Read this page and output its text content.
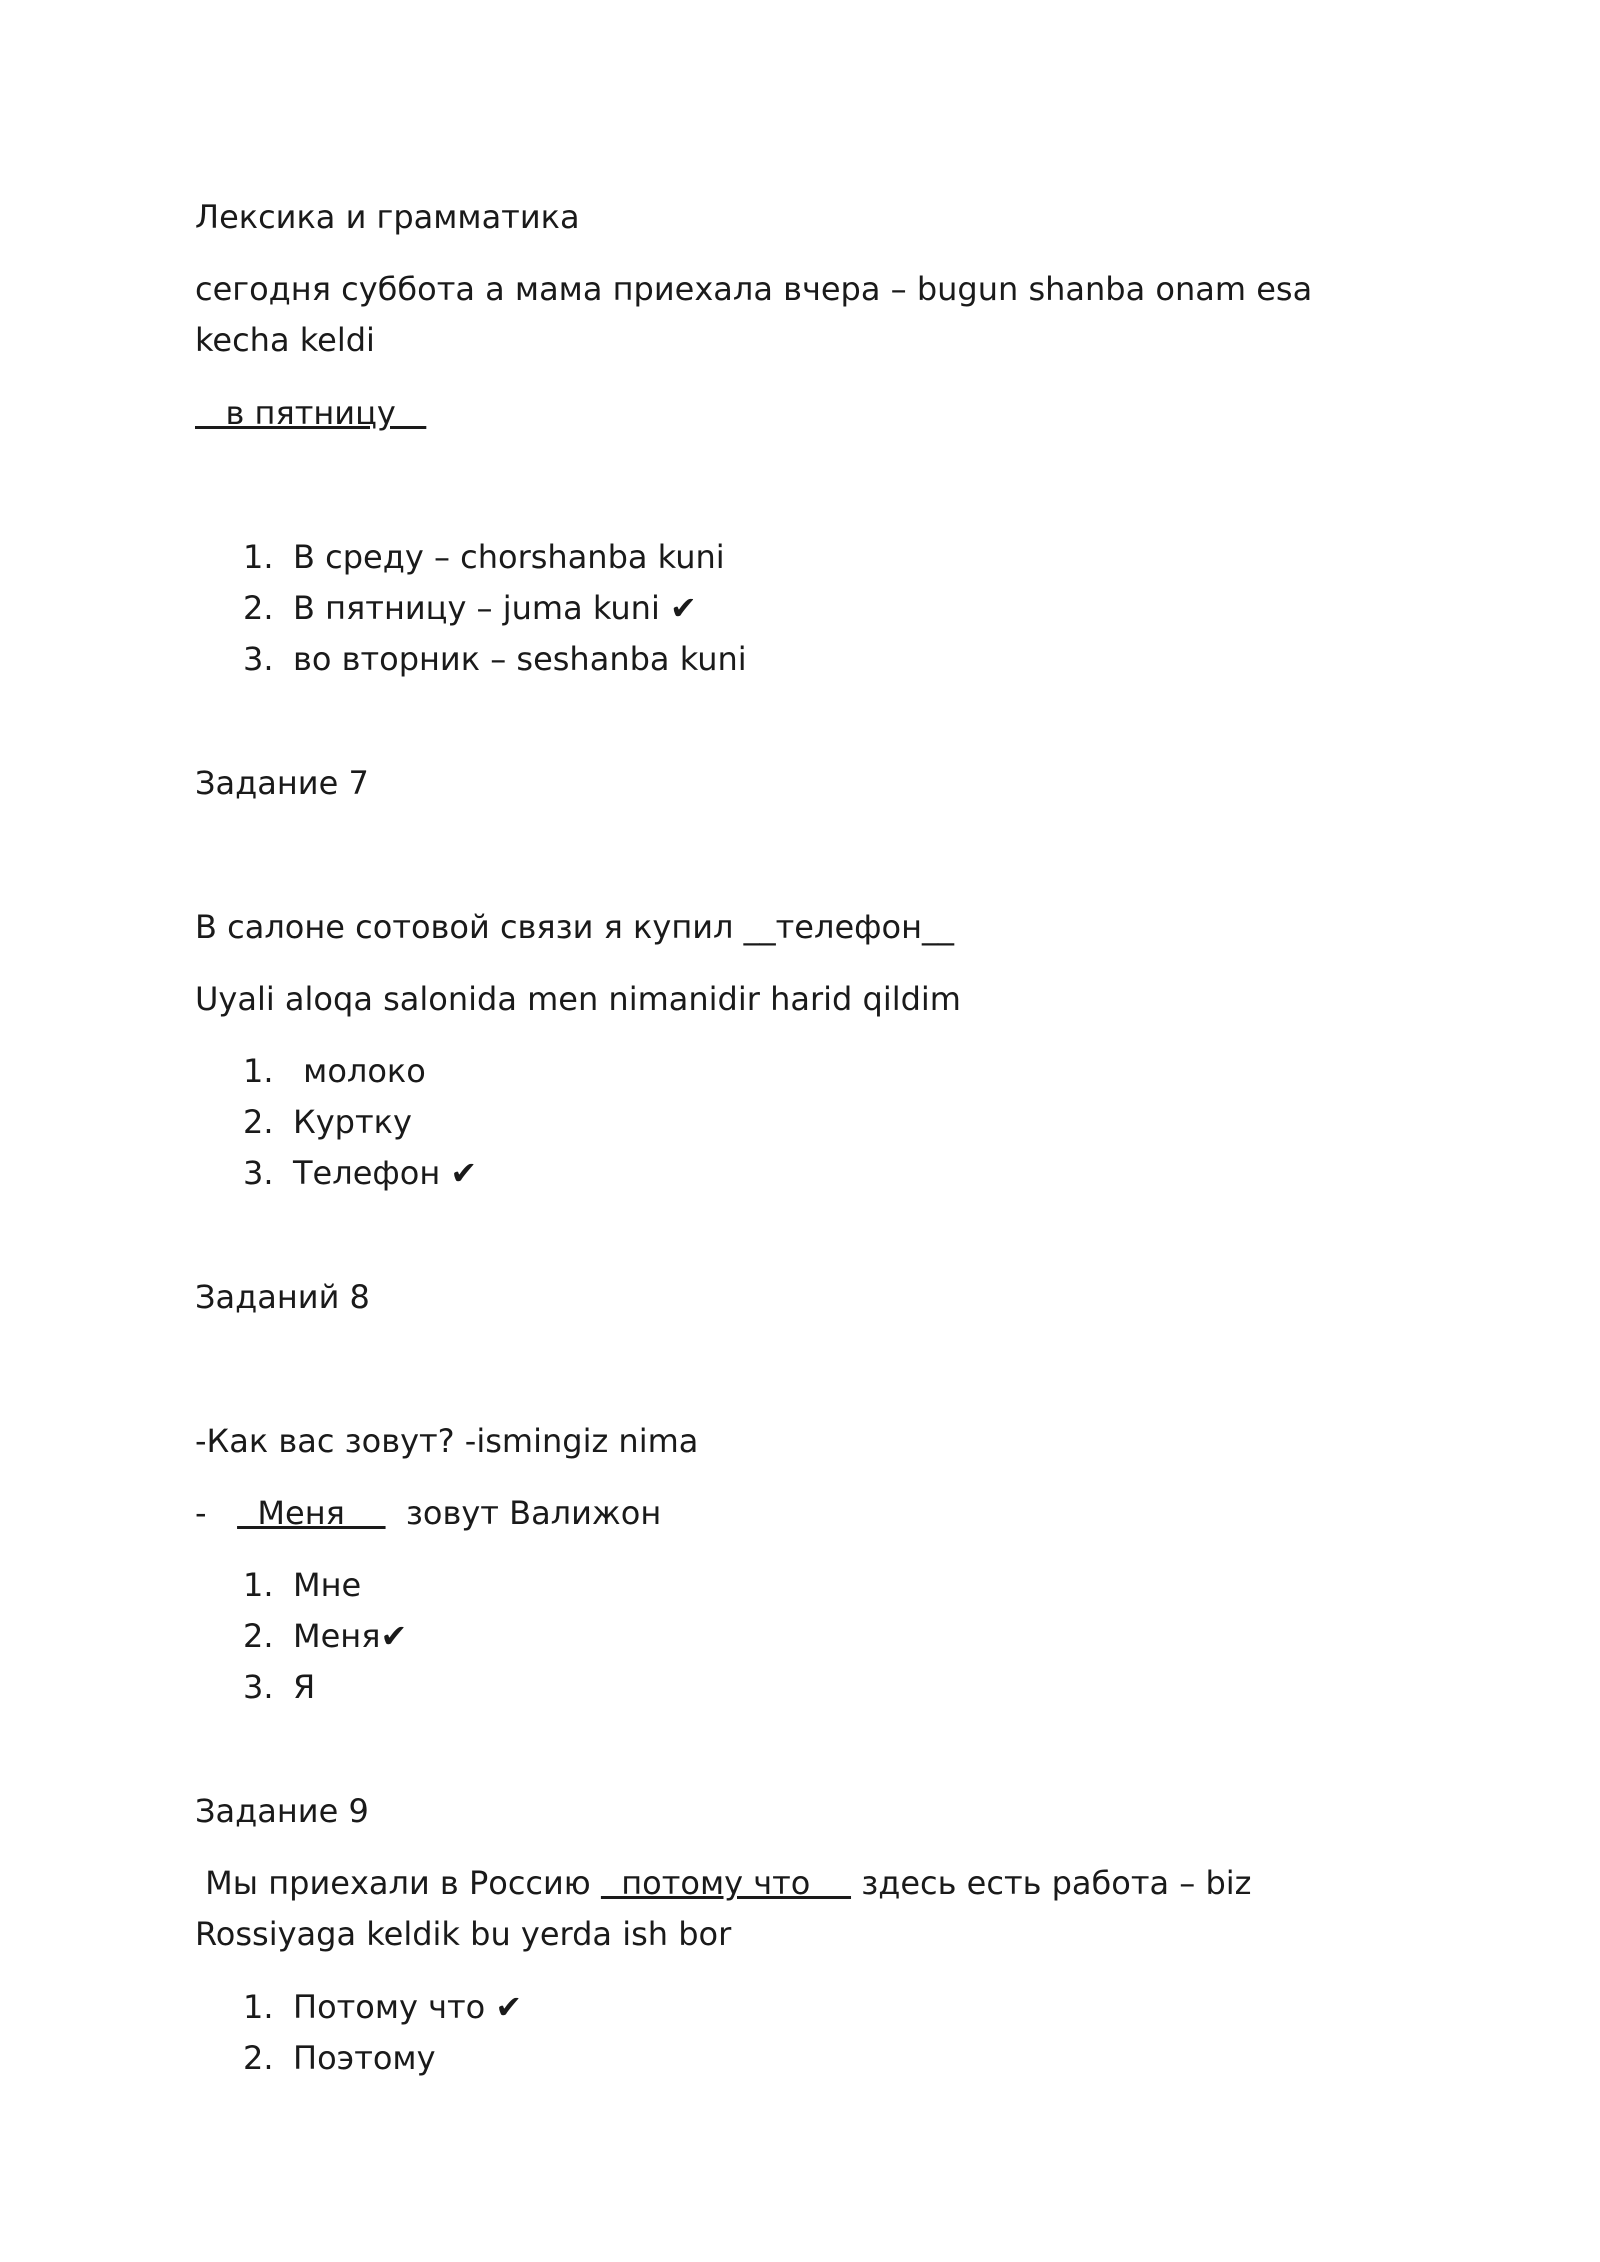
Лексика и грамматика

сегодня суббота а мама приехала вчера – bugun shanba onam esa kecha keldi

в пятницу

1. В среду – chorshanba kuni
2. В пятницу – juma kuni ✔
3. во вторник – seshanba kuni

Задание 7

В салоне сотовой связи я купил __телефон__

Uyali aloqa salonida men nimanidir harid qildim

1. молоко
2. Куртку
3. Телефон ✔

Заданий 8

-Как вас зовут? -ismingiz nima

-     Меня      зовут Валижон

1. Мне
2. Меня✔
3. Я

Задание 9

Мы приехали в Россию   потому что     здесь есть работа – biz Rossiyaga keldik bu yerda ish bor

1. Потому что ✔
2. Поэтому
